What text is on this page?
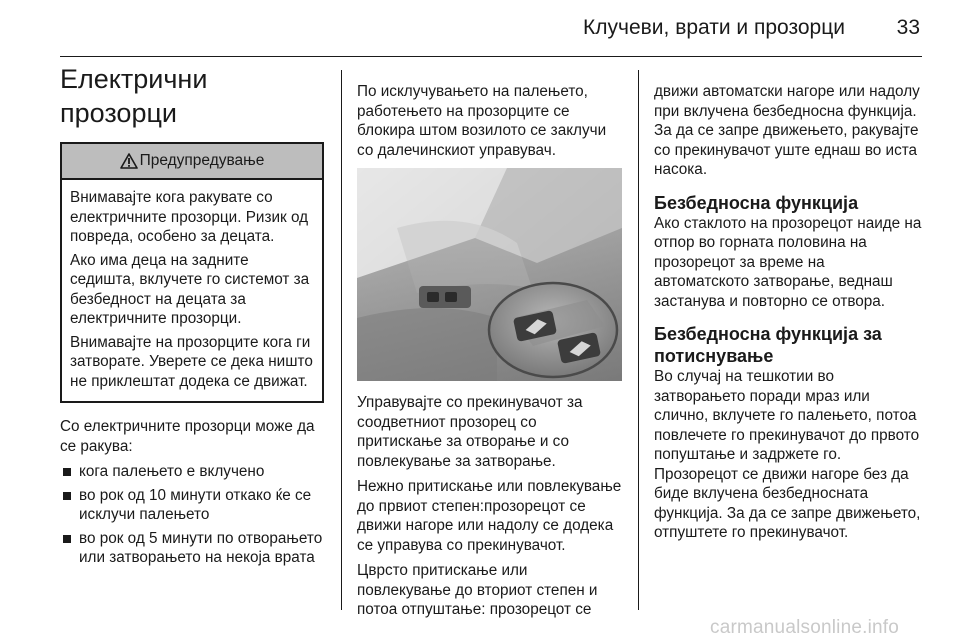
Клучеви, врати и прозорци	33
Електрични прозорци
Предупредување

Внимавајте кога ракувате со електричните прозорци. Ризик од повреда, особено за децата.

Ако има деца на задните седишта, вклучете го системот за безбедност на децата за електричните прозорци.

Внимавајте на прозорците кога ги затворате. Уверете се дека ништо не приклештат додека се движат.

Со електричните прозорци може да се ракува:

кога палењето е вклучено
во рок од 10 минути откако ќе се исклучи палењето
во рок од 5 минути по отворањето или затворањето на некоја врата

По исклучувањето на палењето, работењето на прозорците се блокира штом возилото се заклучи со далечинскиот управувач.

Управувајте со прекинувачот за соодветниот прозорец со притискање за отворање и со повлекување за затворање.

Нежно притискање или повлекување до првиот степен:прозорецот се движи нагоре или надолу се додека се управува со прекинувачот.

Цврсто притискање или повлекување до вториот степен и потоа отпуштање: прозорецот се

движи автоматски нагоре или надолу при вклучена безбедносна функција. За да се запре движењето, ракувајте со прекинувачот уште еднаш во иста насока.

Безбедносна функција

Ако стаклото на прозорецот наиде на отпор во горната половина на прозорецот за време на автоматското затворање, веднаш застанува и повторно се отвора.

Безбедносна функција за потиснување

Во случај на тешкотии во затворањето поради мраз или слично, вклучете го палењето, потоа повлечете го прекинувачот до првото попуштање и задржете го. Прозорецот се движи нагоре без да биде вклучена безбедносната функција. За да се запре движењето, отпуштете го прекинувачот.

carmanualsonline.info
